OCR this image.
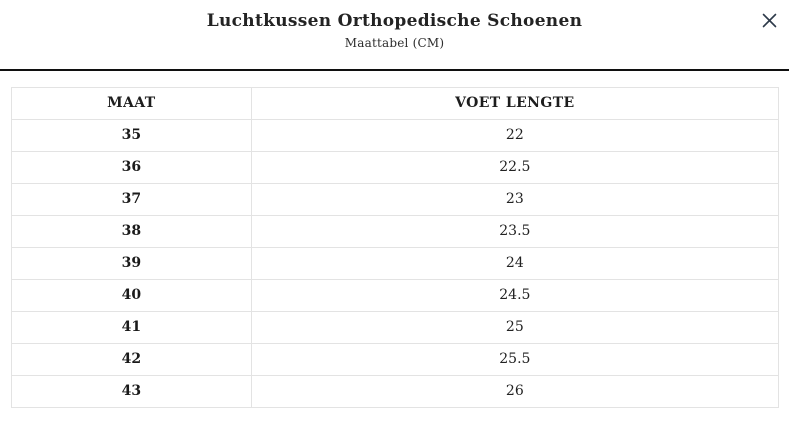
Luchtkussen Orthopedische Schoenen
Maattabel (CM)
MAAT	VOET LENGTE
35	22
36	22.5
37	23
38	23.5
39	24
40	24.5
41	25
42	25.5
43	26
